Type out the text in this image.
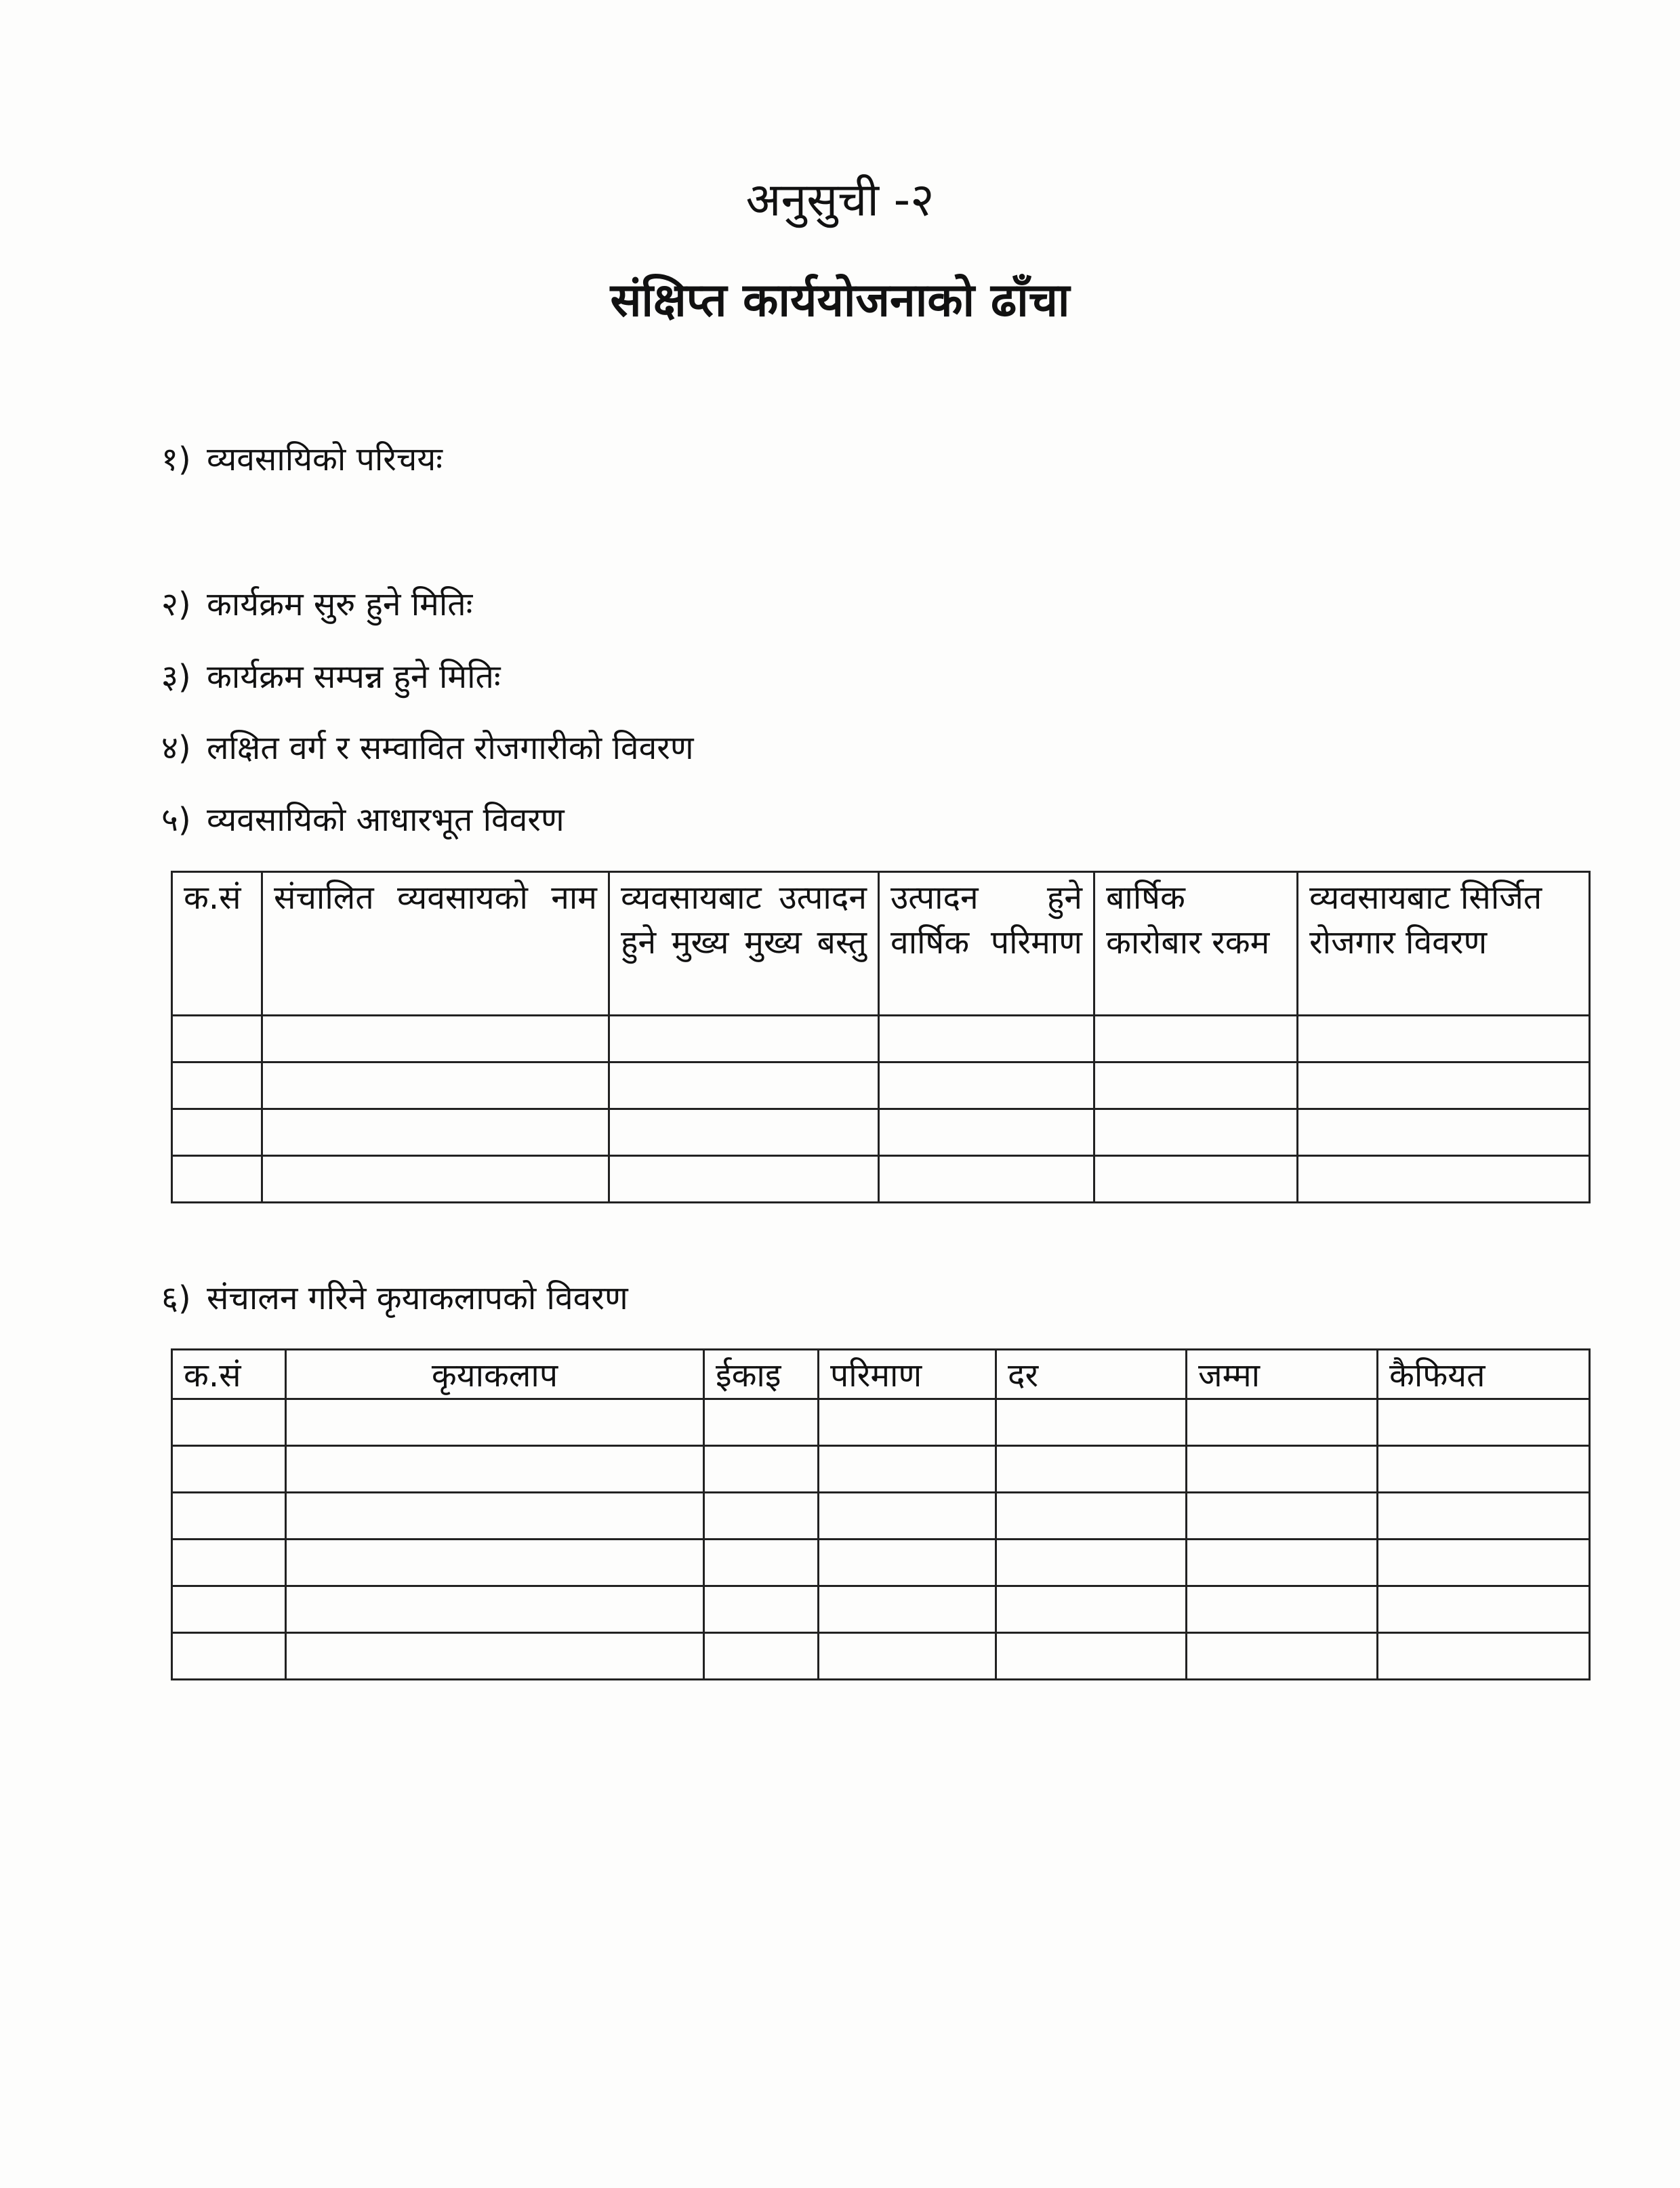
अनुसुची -२
संक्षिप्त कार्ययोजनाको ढाँचा
१) व्यवसायिको परिचयः
२) कार्यक्रम सुरु हुने मितिः
३) कार्यक्रम सम्पन्न हुने मितिः
४) लक्षित वर्ग र सम्वावित रोजगारीको विवरण
५) व्यवसायिको आधारभूत विवरण
क.सं	संचालित व्यवसायको नाम	व्यवसायबाट उत्पादन हुने मुख्य मुख्य बस्तु	उत्पादन हुने वार्षिक परिमाण	बार्षिक कारोबार रकम	व्यवसायबाट सिर्जित रोजगार विवरण

६) संचालन गरिने कृयाकलापको विवरण
क.सं	कृयाकलाप	ईकाइ	परिमाण	दर	जम्मा	कैफियत
